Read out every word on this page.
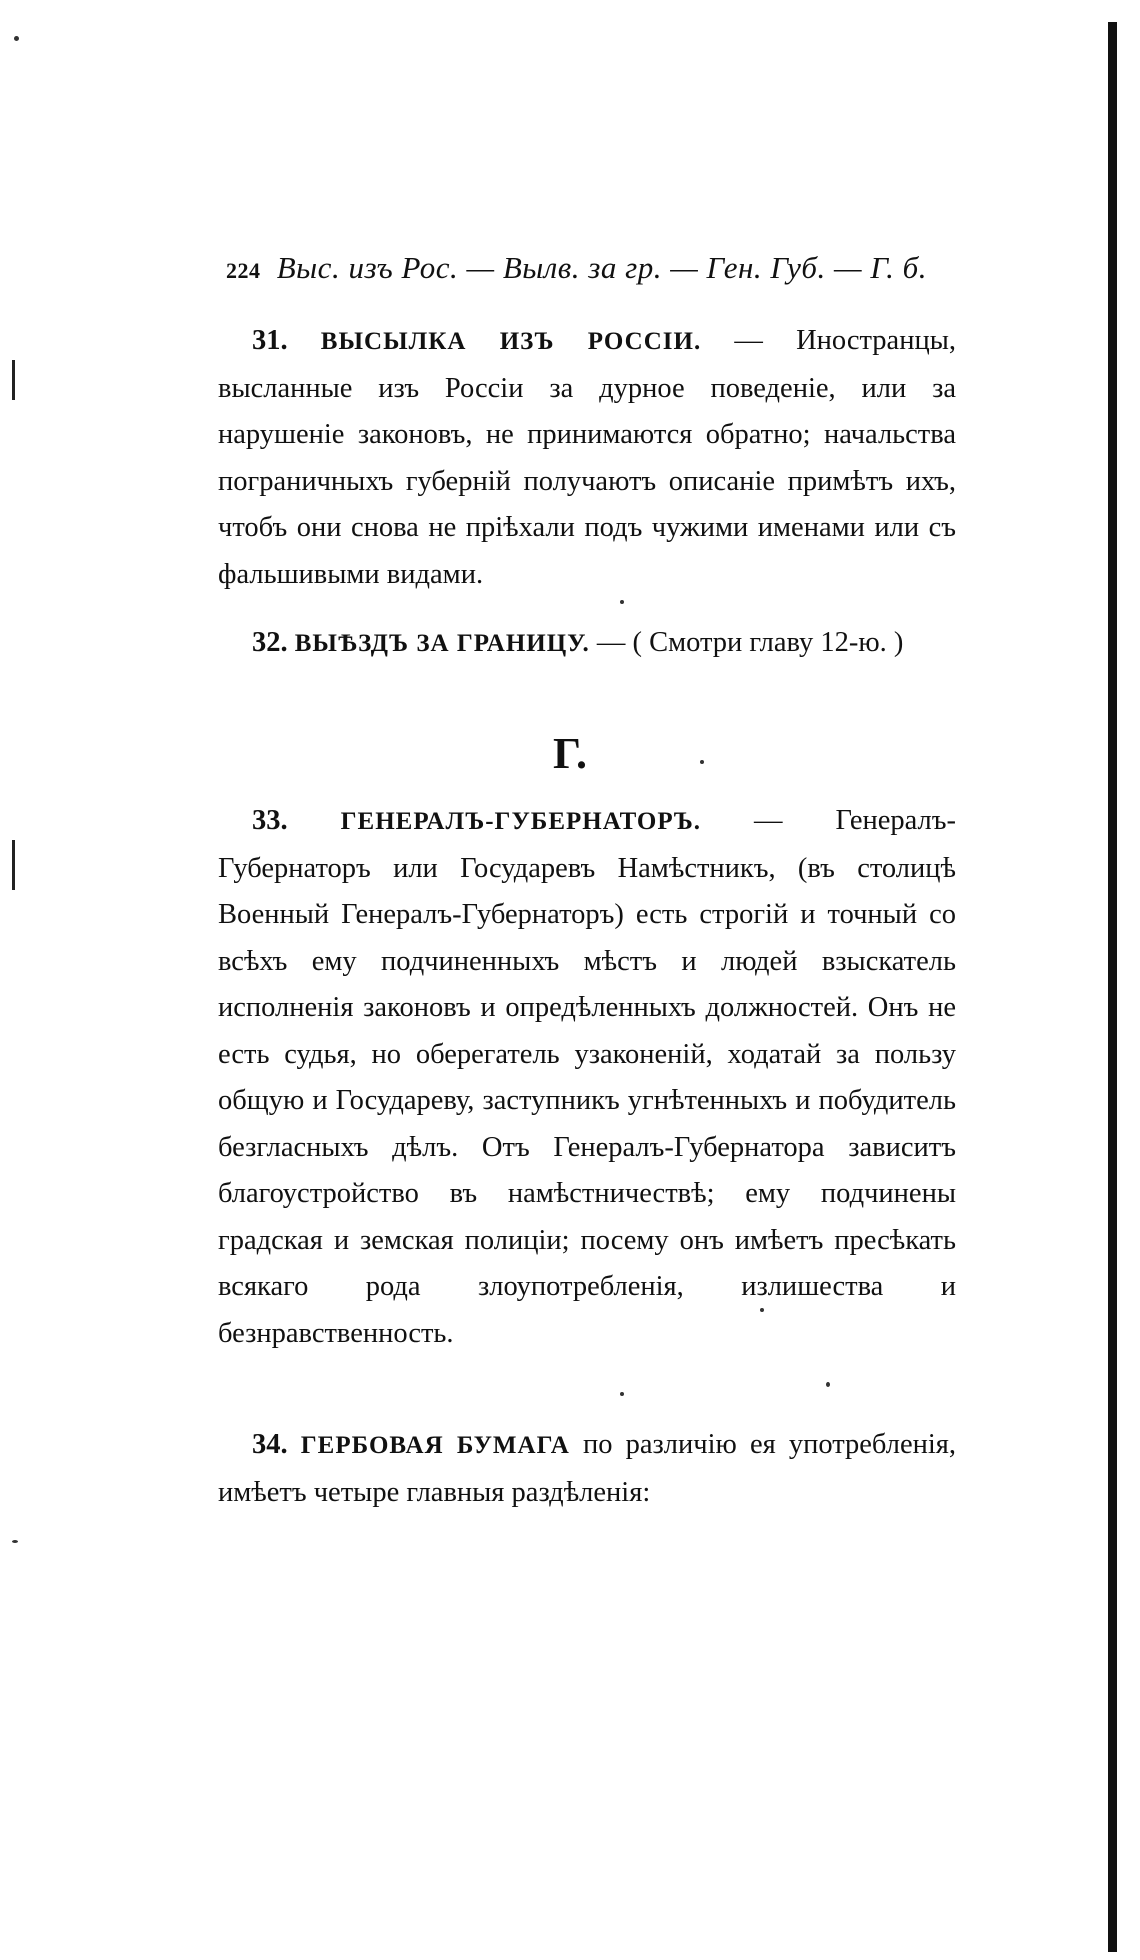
224 Выс. изъ Рос. — Вылв. за гр. — Ген. Губ. — Г. б.

31. ВЫСЫЛКА ИЗЪ РОССІИ. — Иностранцы, высланные изъ Россіи за дурное поведеніе, или за нарушеніе законовъ, не принимаются обратно; начальства пограничныхъ губерній получаютъ описаніе примѣтъ ихъ, чтобъ они снова не пріѣхали подъ чужими именами или съ фальшивыми видами.

32. ВЫѢЗДЪ ЗА ГРАНИЦУ. — ( Смотри главу 12-ю. )

Г.

33. ГЕНЕРАЛЪ-ГУБЕРНАТОРЪ. — Генералъ-Губернаторъ или Государевъ Намѣстникъ, (въ столицѣ Военный Генералъ-Губернаторъ) есть строгій и точный со всѣхъ ему подчиненныхъ мѣстъ и людей взыскатель исполненія законовъ и опредѣленныхъ должностей. Онъ не есть судья, но оберегатель узаконеній, ходатай за пользу общую и Государеву, заступникъ угнѣтенныхъ и побудитель безгласныхъ дѣлъ. Отъ Генералъ-Губернатора зависитъ благоустройство въ намѣстничествѣ; ему подчинены градская и земская полиціи; посему онъ имѣетъ пресѣкать всякаго рода злоупотребленія, излишества и безнравственность.

34. ГЕРБОВАЯ БУМАГА по различію ея употребленія, имѣетъ четыре главныя раздѣленія:
